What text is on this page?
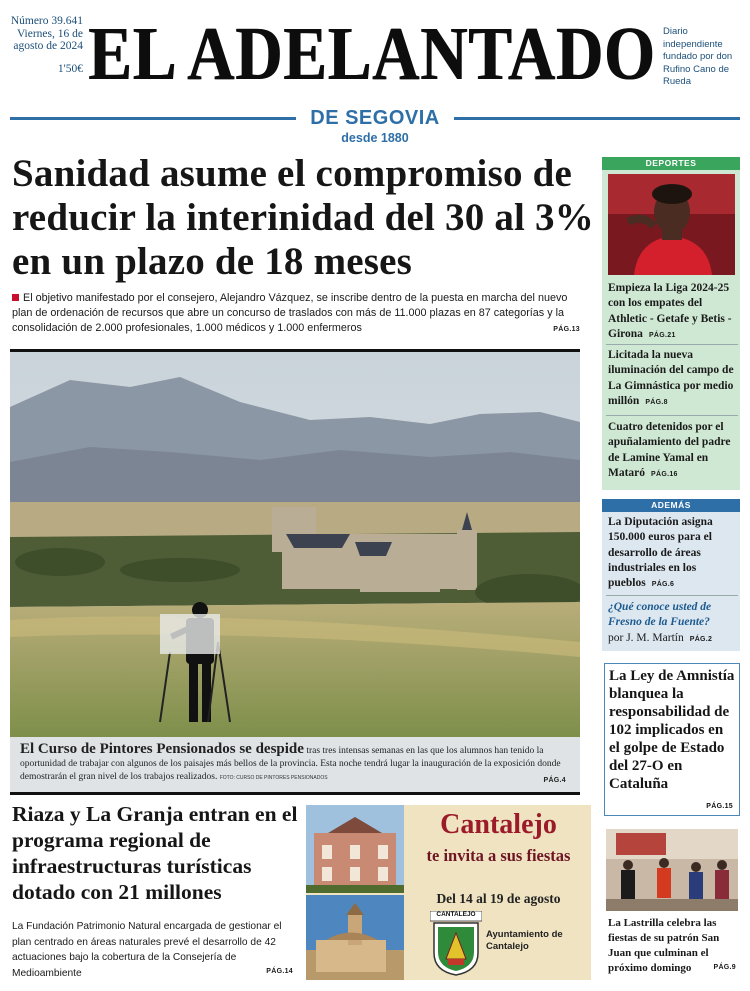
Número 39.641
Viernes, 16 de agosto de 2024
1'50€ EL ADELANTADO Diario independiente fundado por don Rufino Cano de Rueda
DE SEGOVIA
desde 1880
Sanidad asume el compromiso de reducir la interinidad del 30 al 3% en un plazo de 18 meses

El objetivo manifestado por el consejero, Alejandro Vázquez, se inscribe dentro de la puesta en marcha del nuevo plan de ordenación de recursos que abre un concurso de traslados con más de 11.000 plazas en 87 categorías y la consolidación de 2.000 profesionales, 1.000 médicos y 1.000 enfermeros	PÁG.13

El Curso de Pintores Pensionados se despide tras tres intensas semanas en las que los alumnos han tenido la oportunidad de trabajar con algunos de los paisajes más bellos de la provincia. Esta noche tendrá lugar la inauguración de la exposición donde demostrarán el gran nivel de los trabajos realizados. FOTO: CURSO DE PINTORES PENSIONADOS	PÁG.4
Riaza y La Granja entran en el programa regional de infraestructuras turísticas dotado con 21 millones

La Fundación Patrimonio Natural encargada de gestionar el plan centrado en áreas naturales prevé el desarrollo de 42 actuaciones bajo la cobertura de la Consejería de Medioambiente	PÁG.14

Cantalejo
te invita a sus fiestas
Del 14 al 19 de agosto
CANTALEJO
Ayuntamiento de Cantalejo
DEPORTES
Empieza la Liga 2024-25 con los empates del Athletic - Getafe y Betis - Girona PÁG.21
Licitada la nueva iluminación del campo de La Gimnástica por medio millón PÁG.8
Cuatro detenidos por el apuñalamiento del padre de Lamine Yamal en Mataró PÁG.16
ADEMÁS
La Diputación asigna 150.000 euros para el desarrollo de áreas industriales en los pueblos PÁG.6
¿Qué conoce usted de Fresno de la Fuente?
por J. M. Martín PÁG.2
La Ley de Amnistía blanquea la responsabilidad de 102 implicados en el golpe de Estado del 27-O en Cataluña
PÁG.15
La Lastrilla celebra las fiestas de su patrón San Juan que culminan el próximo domingo	PÁG.9
